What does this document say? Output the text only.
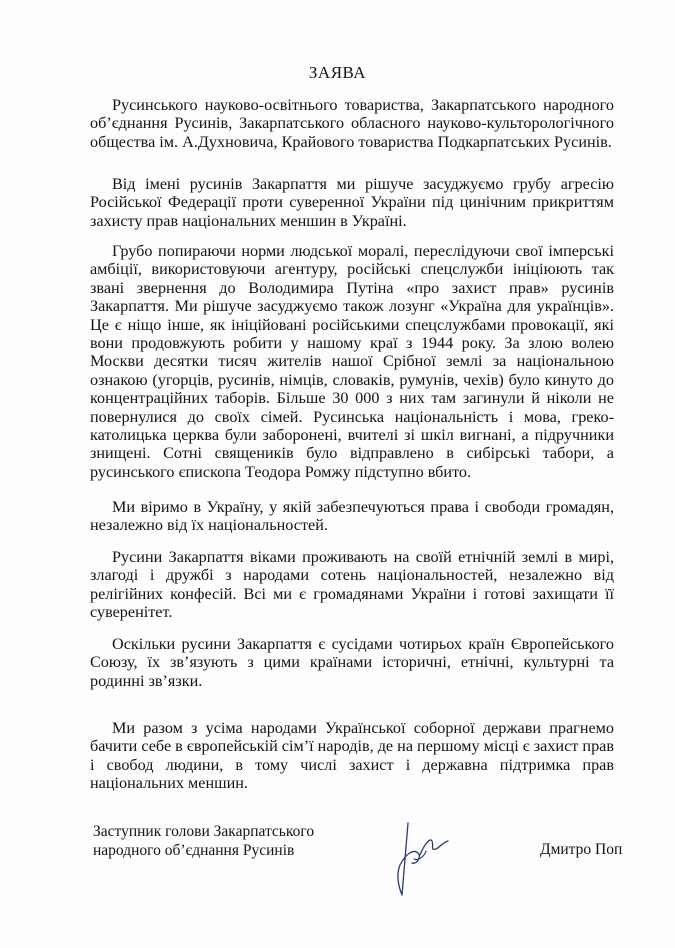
ЗАЯВА

Русинського науково-освітнього товариства, Закарпатського народного об’єднання Русинів, Закарпатського обласного науково-культорологічного общества ім. А.Духновича, Крайового товариства Подкарпатських Русинів.

Від імені русинів Закарпаття ми рішуче засуджуємо грубу агресію Російської Федерації проти суверенної України під цинічним прикриттям захисту прав національних меншин в Україні.

Грубо попираючи норми людської моралі, переслідуючи свої імперські амбіції, використовуючи агентуру, російські спецслужби ініціюють так звані звернення до Володимира Путіна «про захист прав» русинів Закарпаття. Ми рішуче засуджуємо також лозунг «Україна для українців». Це є ніщо інше, як ініційовані російськими спецслужбами провокації, які вони продовжують робити у нашому краї з 1944 року. За злою волею Москви десятки тисяч жителів нашої Срібної землі за національною ознакою (угорців, русинів, німців, словаків, румунів, чехів) було кинуто до концентраційних таборів. Більше 30 000 з них там загинули й ніколи не повернулися до своїх сімей. Русинська національність і мова, греко-католицька церква були заборонені, вчителі зі шкіл вигнані, а підручники знищені. Сотні священиків було відправлено в сибірські табори, а русинського єпископа Теодора Ромжу підступно вбито.

Ми віримо в Україну, у якій забезпечуються права і свободи громадян, незалежно від їх національностей.

Русини Закарпаття віками проживають на своїй етнічній землі в мирі, злагоді і дружбі з народами сотень національностей, незалежно від релігійних конфесій. Всі ми є громадянами України і готові захищати її суверенітет.

Оскільки русини Закарпаття є сусідами чотирьох країн Європейського Союзу, їх зв’язують з цими країнами історичні, етнічні, культурні та родинні зв’язки.

Ми разом з усіма народами Української соборної держави прагнемо бачити себе в європейській сім’ї народів, де на першому місці є захист прав і свобод людини, в тому числі захист і державна підтримка прав національних меншин.

Заступник голови Закарпатського
народного об’єднання Русинів	Дмитро Поп
